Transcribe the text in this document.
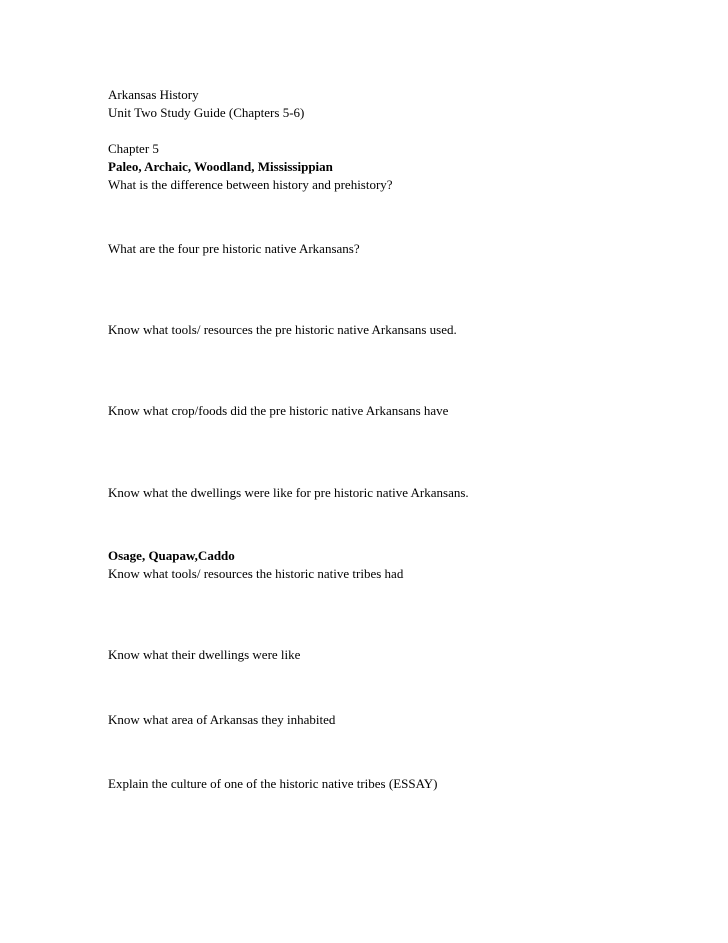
Arkansas History
Unit Two Study Guide (Chapters 5-6)
Chapter 5
Paleo, Archaic, Woodland, Mississippian
What is the difference between history and prehistory?
What are the four pre historic native Arkansans?
Know what tools/ resources the pre historic native Arkansans used.
Know what crop/foods did the pre historic native Arkansans have
Know what the dwellings were like for pre historic native Arkansans.
Osage, Quapaw,Caddo
Know what tools/ resources the historic native tribes had
Know what their dwellings were like
Know what area of Arkansas they inhabited
Explain the culture of one of the historic native tribes (ESSAY)
